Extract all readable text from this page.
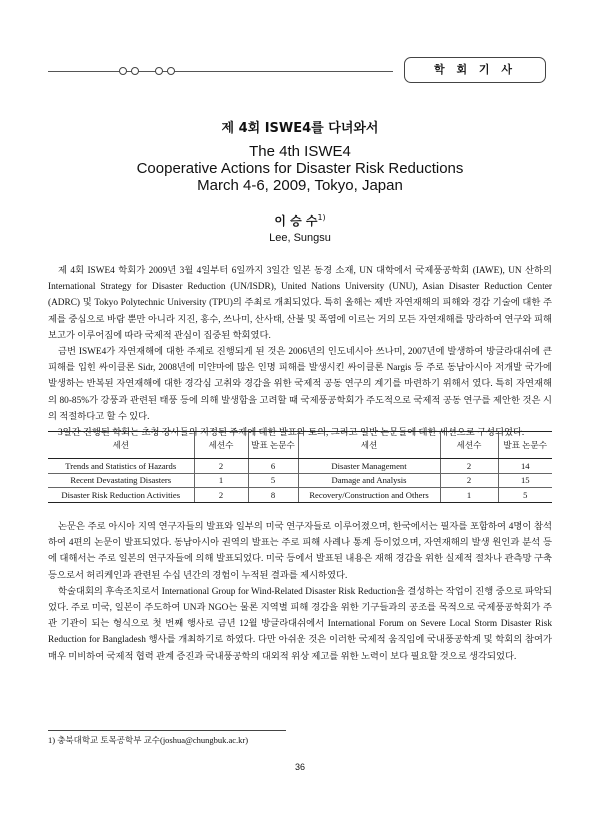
학 회 기 사
제 4회 ISWE4를 다녀와서
The 4th ISWE4
Cooperative Actions for Disaster Risk Reductions
March 4-6, 2009, Tokyo, Japan
이 승 수$^{1)}$
Lee, Sungsu

제 4회 ISWE4 학회가 2009년 3월 4일부터 6일까지 3일간 일본 동경 소재, UN 대학에서 국제풍공학회 (IAWE), UN 산하의 International Strategy for Disaster Reduction (UN/ISDR), United Nations University (UNU), Asian Disaster Reduction Center (ADRC) 및 Tokyo Polytechnic University (TPU)의 주최로 개최되었다. 특히 올해는 제반 자연재해의 피해와 경감 기술에 대한 주제를 중심으로 바람 뿐만 아니라 지진, 홍수, 쓰나미, 산사태, 산불 및 폭염에 이르는 거의 모든 자연재해를 망라하여 연구와 피해 보고가 이루어짐에 따라 국제적 관심이 집중된 학회였다.

금번 ISWE4가 자연재해에 대한 주제로 진행되게 된 것은 2006년의 인도네시아 쓰나미, 2007년에 발생하여 방글라대쉬에 큰 피해를 입힌 싸이클론 Sidr, 2008년에 미얀마에 많은 인명 피해를 발생시킨 싸이클론 Nargis 등 주로 동남아시아 저개발 국가에 발생하는 반복된 자연재해에 대한 경각심 고취와 경감을 위한 국제적 공동 연구의 계기를 마련하기 위해서 였다. 특히 자연재해의 80-85%가 강풍과 관련된 태풍 등에 의해 발생함을 고려할 때 국제풍공학회가 주도적으로 국제적 공동 연구를 제안한 것은 시의 적절하다고 할 수 있다.

3일간 진행된 학회는 초청 강사들의 지정된 주제에 대한 발표와 토의, 그리고 일반 논문들에 대한 세션으로 구성되었다.

세션	세션수	발표 논문수	세션	세션수	발표 논문수
Trends and Statistics of Hazards	2	6	Disaster Management	2	14
Recent Devastating Disasters	1	5	Damage and Analysis	2	15
Disaster Risk Reduction Activities	2	8	Recovery/Construction and Others	1	5

논문은 주로 아시아 지역 연구자들의 발표와 일부의 미국 연구자들로 이루어졌으며, 한국에서는 필자를 포함하여 4명이 참석하여 4편의 논문이 발표되었다. 동남아시아 권역의 발표는 주로 피해 사례나 통계 등이었으며, 자연재해의 발생 원인과 분석 등에 대해서는 주로 일본의 연구자들에 의해 발표되었다. 미국 등에서 발표된 내용은 재해 경감을 위한 실제적 절차나 관측망 구축 등으로서 허리케인과 관련된 수십 년간의 경험이 누적된 결과를 제시하였다.

학술대회의 후속조치로서 International Group for Wind-Related Disaster Risk Reduction을 결성하는 작업이 진행 중으로 파악되었다. 주로 미국, 일본이 주도하여 UN과 NGO는 물론 지역별 피해 경감을 위한 기구들과의 공조를 목적으로 국제풍공학회가 주관 기관이 되는 형식으로 첫 번째 행사로 금년 12월 방글라대쉬에서 International Forum on Severe Local Storm Disaster Risk Reduction for Bangladesh 행사를 개최하기로 하였다. 다만 아쉬운 것은 이러한 국제적 움직임에 국내풍공학계 및 학회의 참여가 매우 미비하여 국제적 협력 관계 증진과 국내풍공학의 대외적 위상 제고를 위한 노력이 보다 필요할 것으로 생각되었다.

1) 충북대학교 토목공학부 교수(joshua@chungbuk.ac.kr)
36
